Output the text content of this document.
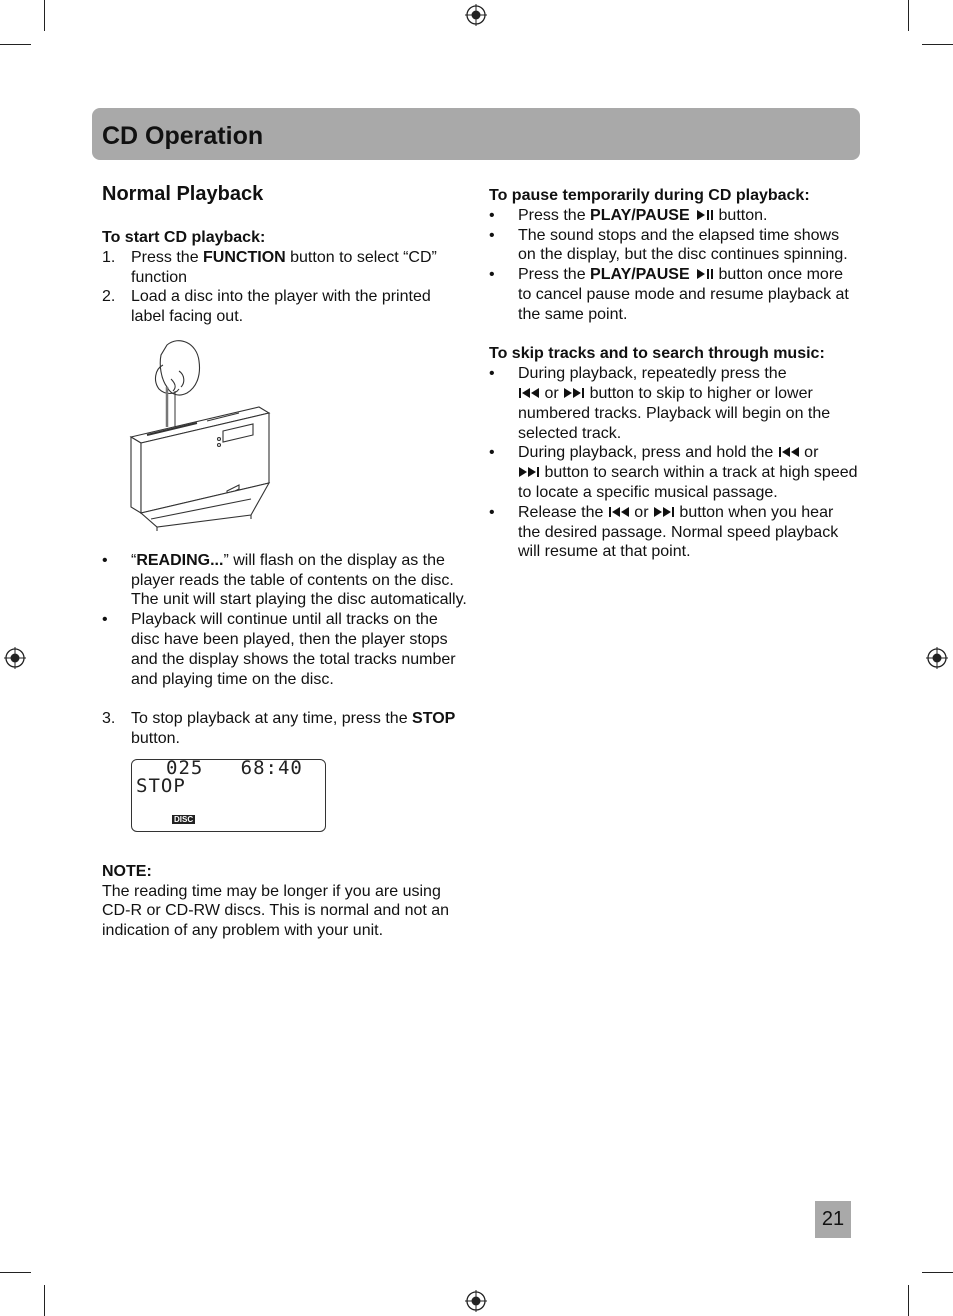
CD Operation
Normal Playback
To start CD playback:
1. Press the FUNCTION button to select “CD” function
2. Load a disc into the player with the printed label facing out.
• “READING...” will flash on the display as the player reads the table of contents on the disc. The unit will start playing the disc automatically.
• Playback will continue until all tracks on the disc have been played, then the player stops and the display shows the total tracks number and playing time on the disc.
3. To stop playback at any time, press the STOP button.
025 68:40
STOP
DISC
NOTE:
The reading time may be longer if you are using CD-R or CD-RW discs. This is normal and not an indication of any problem with your unit.
To pause temporarily during CD playback:
• Press the PLAY/PAUSE  button.
• The sound stops and the elapsed time shows on the display, but the disc continues spinning.
• Press the PLAY/PAUSE  button once more to cancel pause mode and resume playback at the same point.
To skip tracks and to search through music:
• During playback, repeatedly press the
or  button to skip to higher or lower numbered tracks. Playback will begin on the selected track.
• During playback, press and hold the  or
button to search within a track at high speed to locate a specific musical passage.
• Release the  or  button when you hear the desired passage. Normal speed playback will resume at that point.
21
